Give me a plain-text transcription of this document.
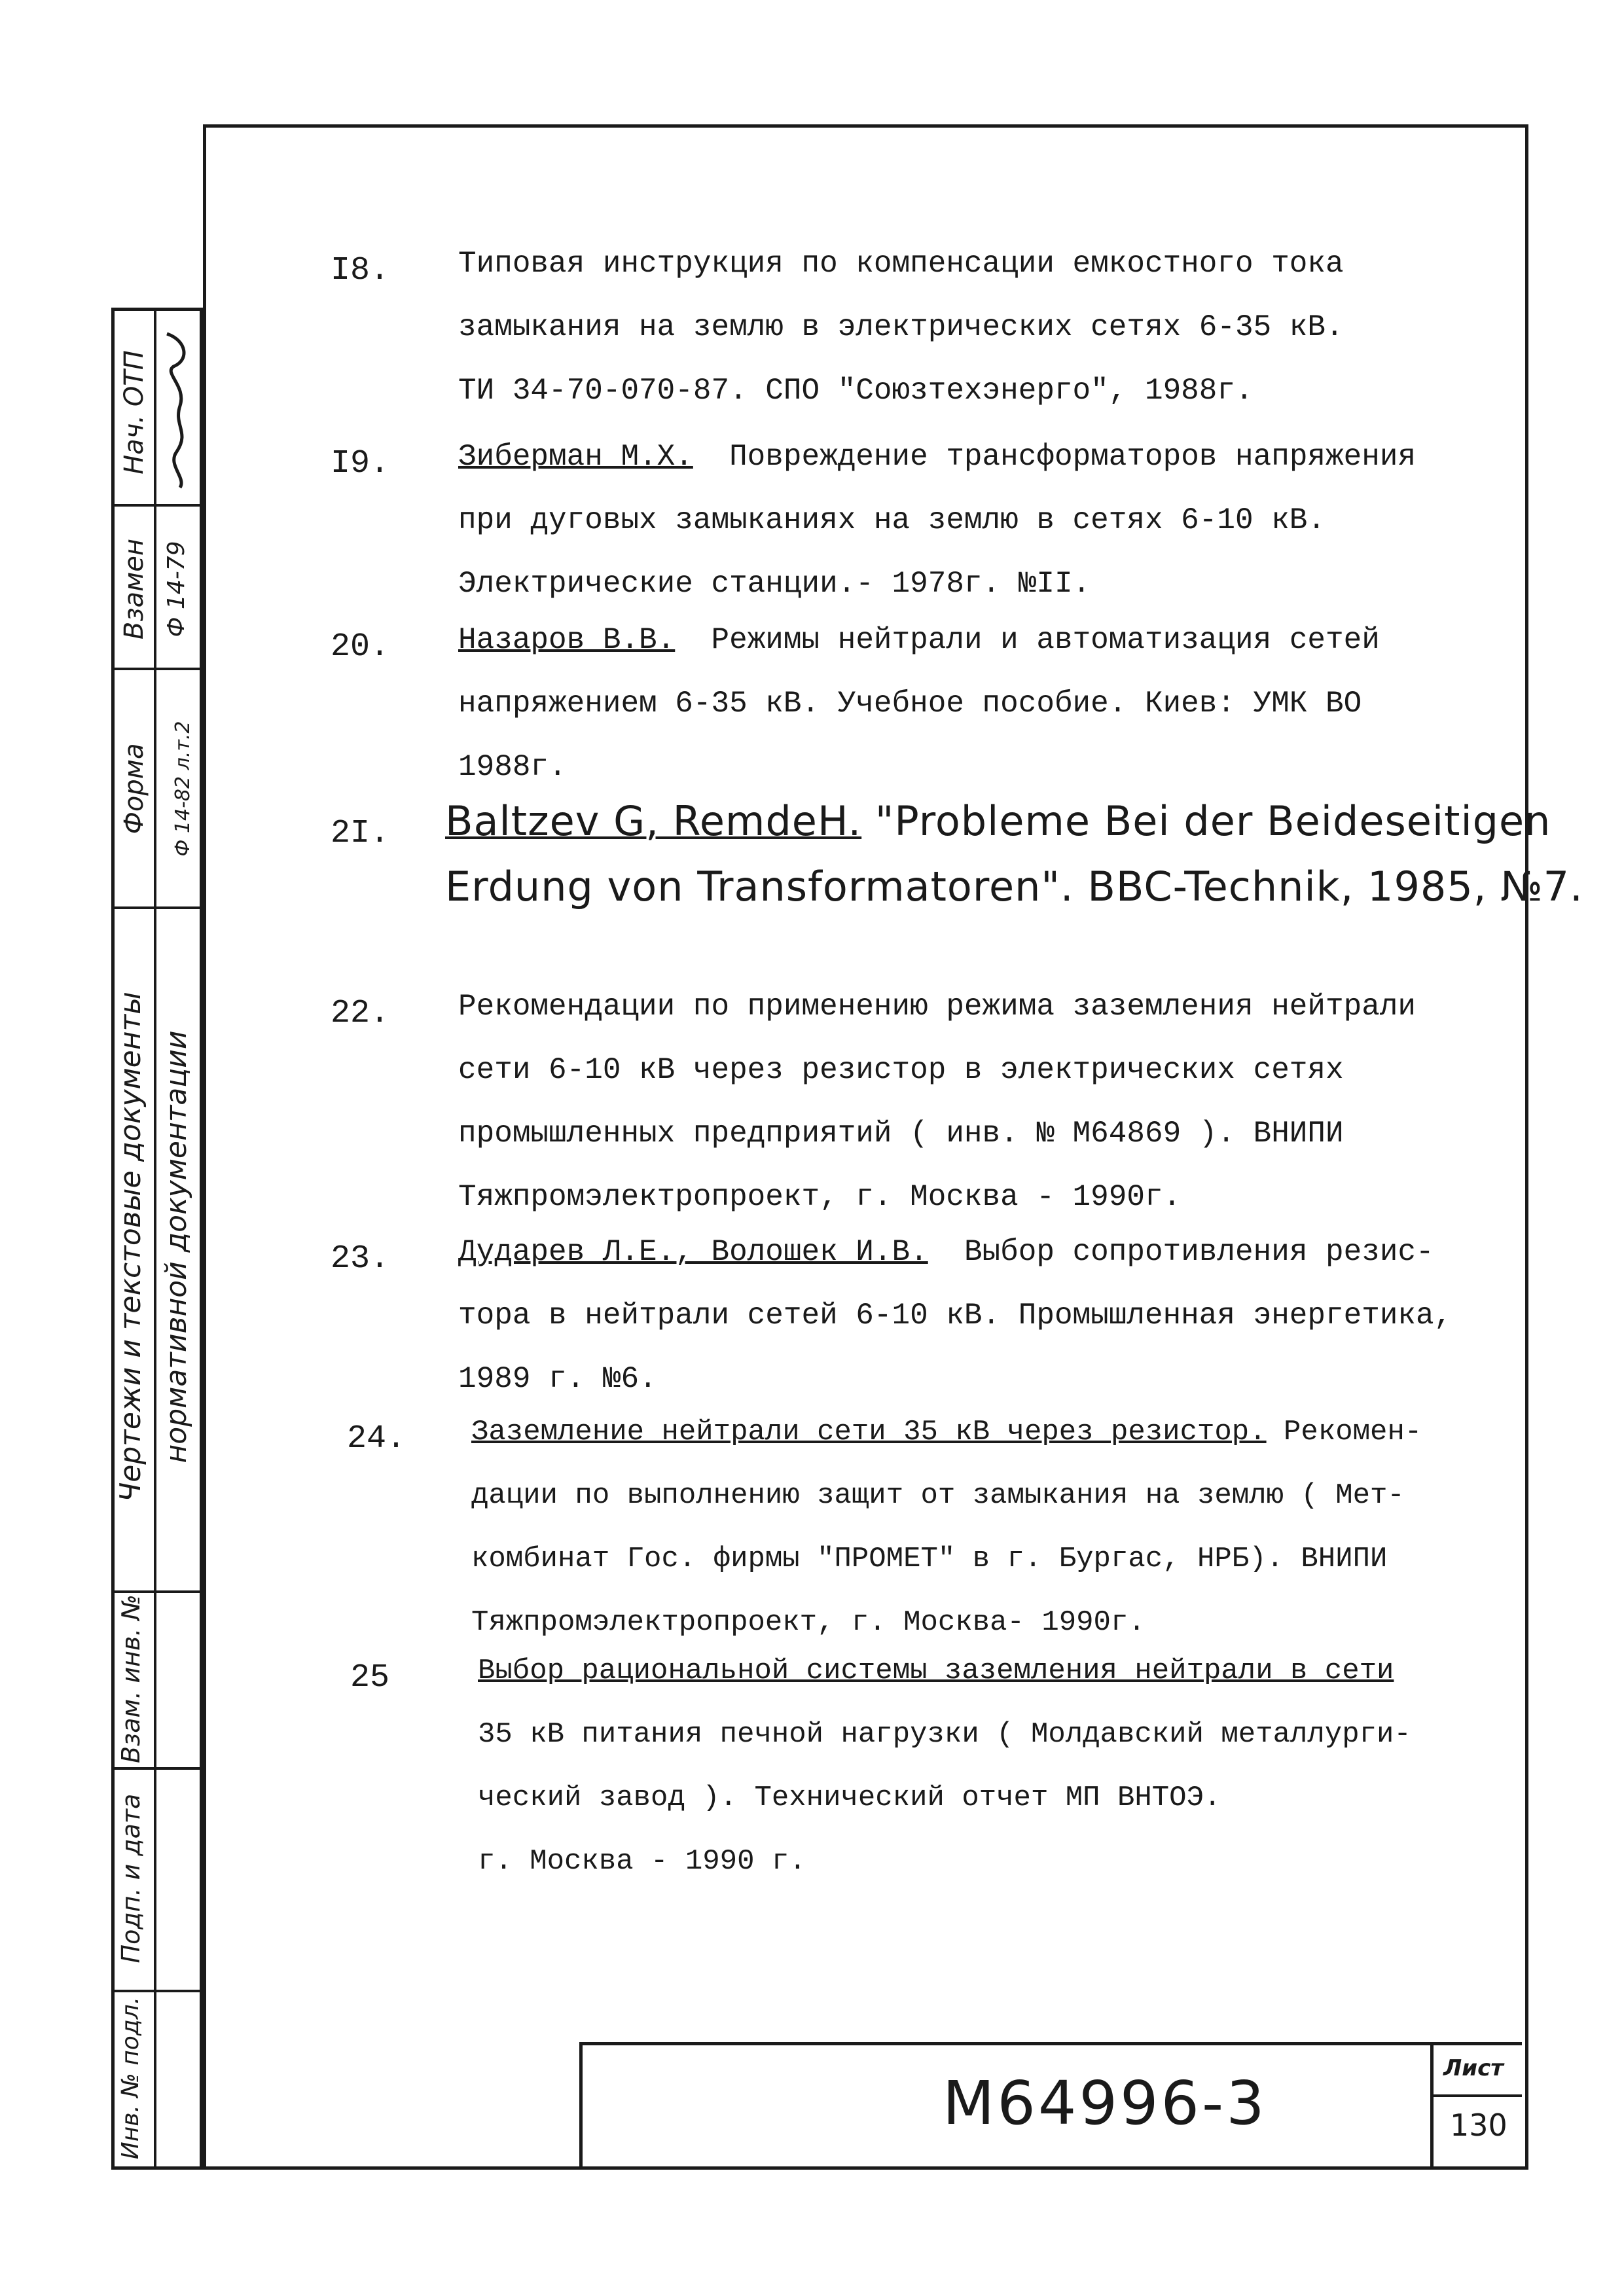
Нач. ОТП
Взамен Ф 14-79
Форма	Ф 14-82 л.т.2
Чертежи и текстовые документы нормативной документации
Взам. инв. №
Подп. и дата
Инв. № подл.
I8. Типовая инструкция по компенсации емкостного тока
замыкания на землю в электрических сетях 6-35 кВ.
ТИ 34-70-070-87. СПО "Союзтехэнерго", 1988г.
I9. Зиберман М.Х. Повреждение трансформаторов напряжения
при дуговых замыканиях на землю в сетях 6-10 кВ.
Электрические станции.- 1978г. №II.
20. Назаров В.В. Режимы нейтрали и автоматизация сетей
напряжением 6-35 кВ. Учебное пособие. Киев: УМК ВО
1988г.
2I. Baltzev G, RemdeH. "Probleme Bei der Beideseitigen
Erdung von Transformatoren". BBC-Technik, 1985, №7.
22. Рекомендации по применению режима заземления нейтрали
сети 6-10 кВ через резистор в электрических сетях
промышленных предприятий ( инв. № М64869 ). ВНИПИ
Тяжпромэлектропроект, г. Москва - 1990г.
23. Дударев Л.Е., Волошек И.В. Выбор сопротивления резис-
тора в нейтрали сетей 6-10 кВ. Промышленная энергетика,
1989 г. №6.
24. Заземление нейтрали сети 35 кВ через резистор. Рекомен-
дации по выполнению защит от замыкания на землю ( Мет-
комбинат Гос. фирмы "ПРОМЕТ" в г. Бургас, НРБ). ВНИПИ
Тяжпромэлектропроект, г. Москва- 1990г.
25	Выбор рациональной системы заземления нейтрали в сети
35 кВ питания печной нагрузки ( Молдавский металлурги-
ческий завод ). Технический отчет МП ВНТОЭ.
г. Москва - 1990 г.
М64996-3	Лист
130
